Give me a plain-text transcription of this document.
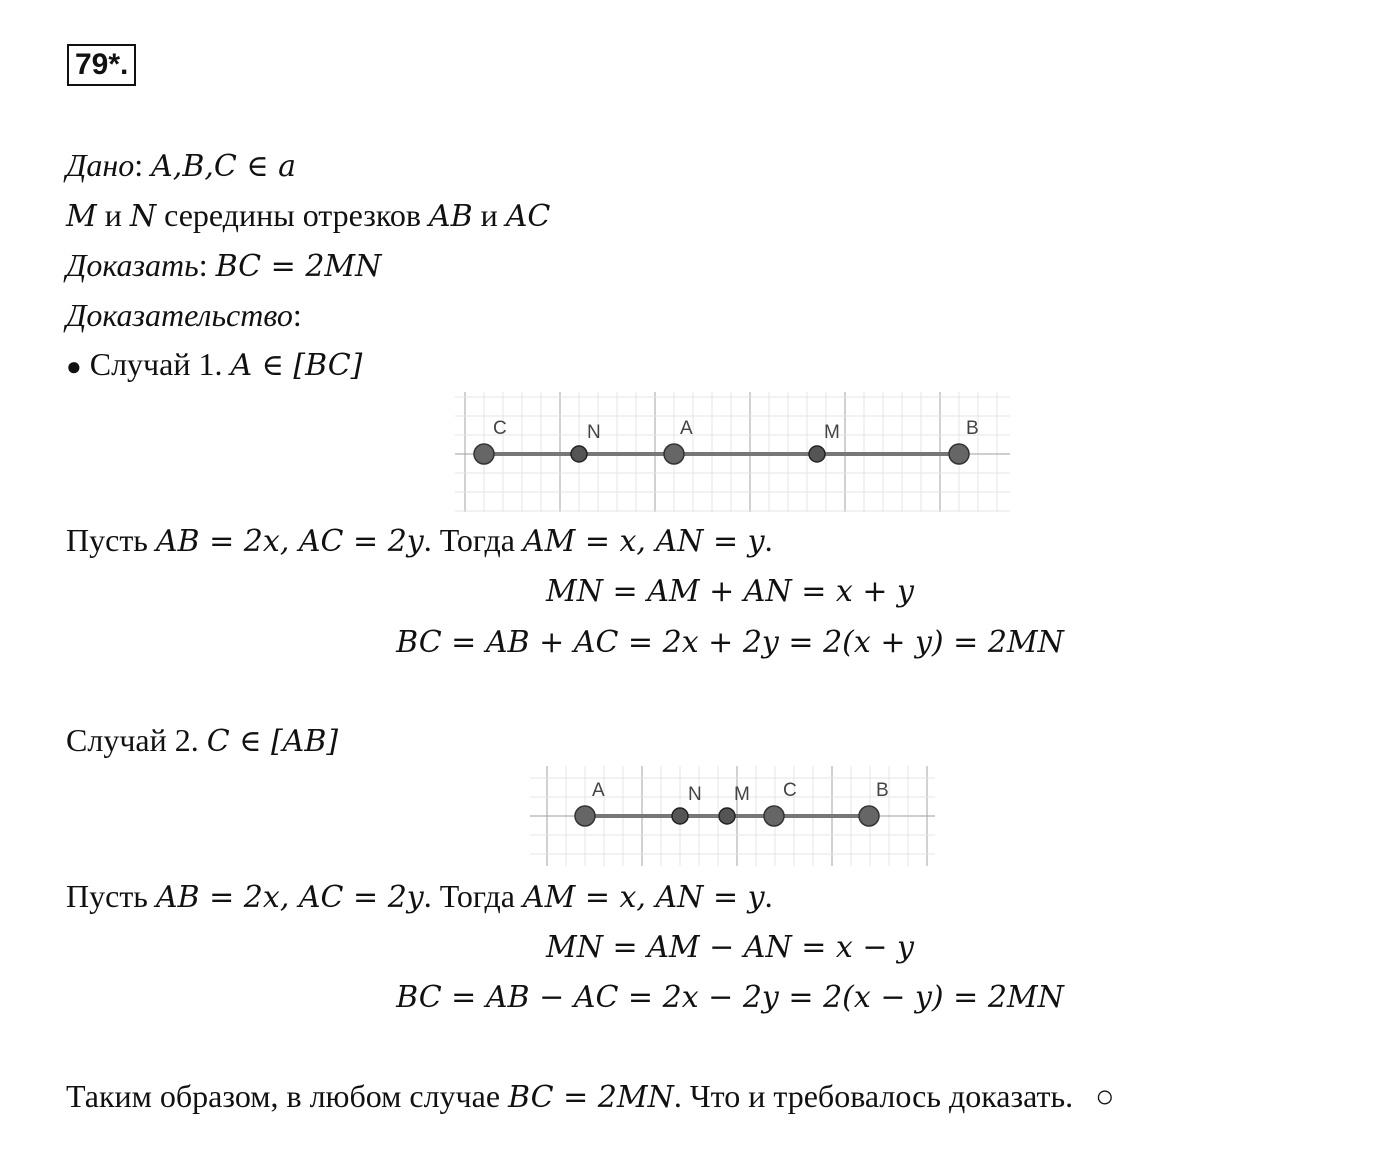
79*.
Дано: A,B,C ∈ a
M и N середины отрезков AB и AC
Доказать: BC = 2MN
Доказательство:
● Случай 1. A ∈ [BC]
C	N	A	M	B
Пусть AB = 2x, AC = 2y. Тогда AM = x, AN = y.
MN = AM + AN = x + y
BC = AB + AC = 2x + 2y = 2(x + y) = 2MN
Случай 2. C ∈ [AB]
A	N M C	B
Пусть AB = 2x, AC = 2y. Тогда AM = x, AN = y.
MN = AM − AN = x − y
BC = AB − AC = 2x − 2y = 2(x − y) = 2MN
Таким образом, в любом случае BC = 2MN. Что и требовалось доказать. ○
